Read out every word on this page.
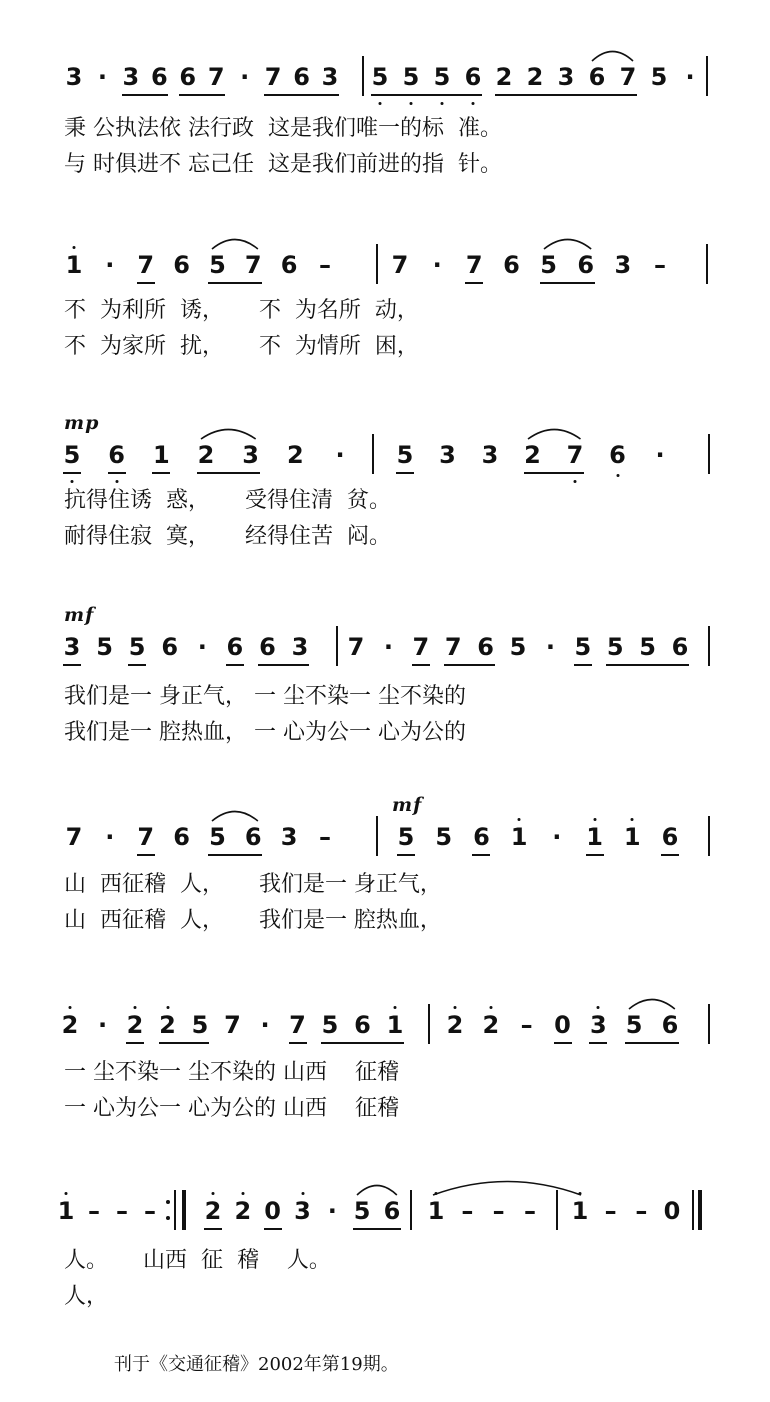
3 · 3 6 6 7 · 7 6 3 5 5 5 6 2 2 3 6 7 5 ·
秉 公执法依 法行政  这是我们唯一的标  准。
与 时俱进不 忘己任  这是我们前进的指  针。
1 · 7 6 5 7 6 –	7 · 7 6 5 6 3 –
不  为利所  诱，     不  为名所  动，
不  为家所  扰，     不  为情所  困，
mp
5 6 1 2 3 2 · 5 3 3 2 7 6 ·
抗得住诱  惑，     受得住清  贫。
耐得住寂  寞，     经得住苦  闷。
mf
3 5 5 6 · 6 6 3 7 · 7 7 6 5 · 5 5 5 6
我们是一 身正气， 一 尘不染一 尘不染的
我们是一 腔热血， 一 心为公一 心为公的
mf
7 · 7 6 5 6 3 –	5 5 6 1 · 1 1 6
山  西征稽  人，     我们是一 身正气，
山  西征稽  人，     我们是一 腔热血，
2 · 2 2 5 7 · 7 5 6 1 2 2 – 0 3 5 6
一 尘不染一 尘不染的 山西    征稽
一 心为公一 心为公的 山西    征稽
1 – – – 2 2 0 3 · 5 6 1 – – – 1 – – 0
人。     山西  征  稽    人。
人，
刊于《交通征稽》2002年第19期。
